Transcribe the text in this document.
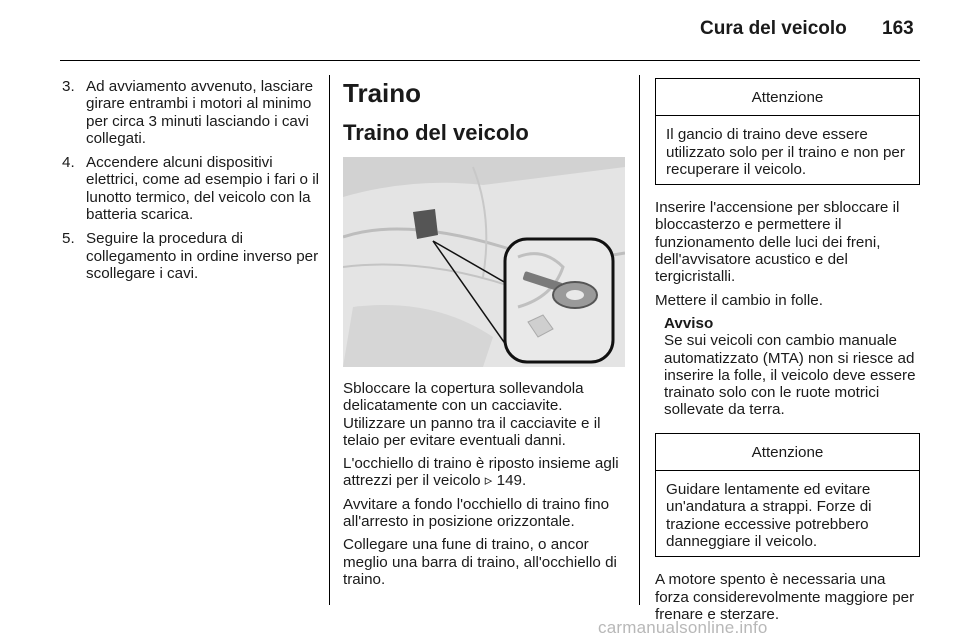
Cura del veicolo 163
3. Ad avviamento avvenuto, lasciare girare entrambi i motori al minimo per circa 3 minuti lasciando i cavi collegati.
4. Accendere alcuni dispositivi elettrici, come ad esempio i fari o il lunotto termico, del veicolo con la batteria scarica.
5. Seguire la procedura di collegamento in ordine inverso per scollegare i cavi.
Traino
Traino del veicolo

Sbloccare la copertura sollevandola delicatamente con un cacciavite. Utilizzare un panno tra il cacciavite e il telaio per evitare eventuali danni.

L'occhiello di traino è riposto insieme agli attrezzi per il veicolo ▹ 149.

Avvitare a fondo l'occhiello di traino fino all'arresto in posizione orizzontale.

Collegare una fune di traino, o ancor meglio una barra di traino, all'occhiello di traino.

Attenzione
Il gancio di traino deve essere utilizzato solo per il traino e non per recuperare il veicolo.

Inserire l'accensione per sbloccare il bloccasterzo e permettere il funzionamento delle luci dei freni, dell'avvisatore acustico e del tergicristalli.

Mettere il cambio in folle.

Avviso
Se sui veicoli con cambio manuale automatizzato (MTA) non si riesce ad inserire la folle, il veicolo deve essere trainato solo con le ruote motrici sollevate da terra.
Attenzione
Guidare lentamente ed evitare un'andatura a strappi. Forze di trazione eccessive potrebbero danneggiare il veicolo.

A motore spento è necessaria una forza considerevolmente maggiore per frenare e sterzare.

carmanualsonline.info
